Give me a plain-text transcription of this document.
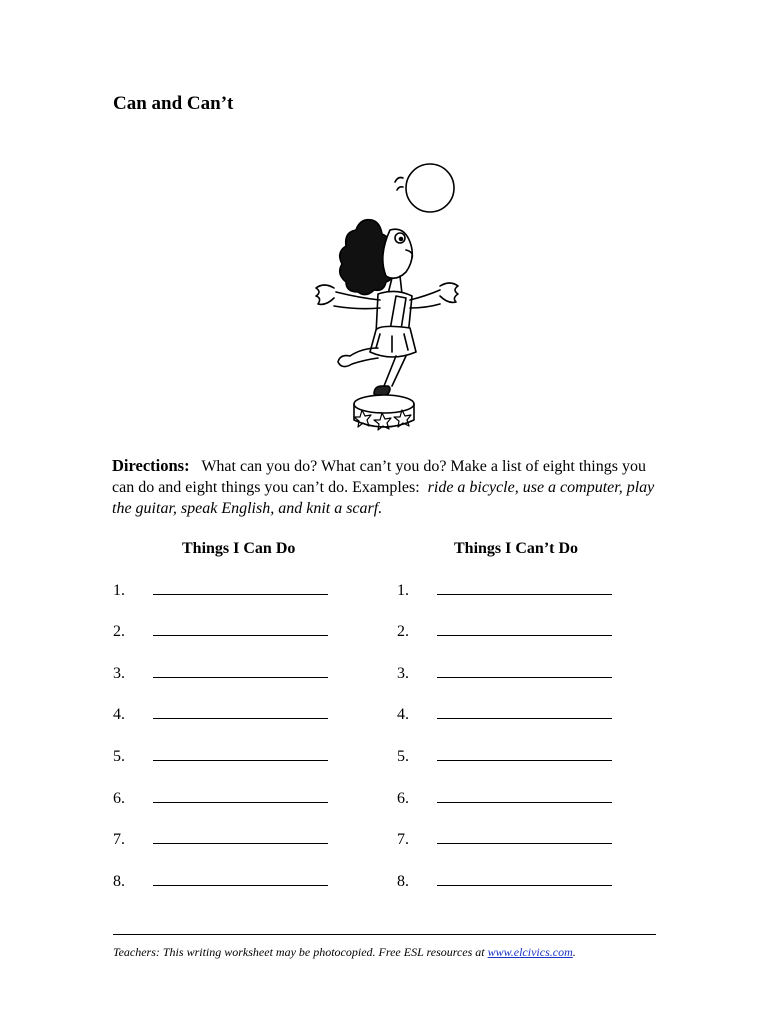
Can and Can’t

Directions: What can you do? What can’t you do? Make a list of eight things you can do and eight things you can’t do. Examples: ride a bicycle, use a computer, play the guitar, speak English, and knit a scarf.

Things I Can Do	Things I Can’t Do
1.
2.
3.
4.
5.
6.
7.
8.
1.
2.
3.
4.
5.
6.
7.
8.
Teachers: This writing worksheet may be photocopied. Free ESL resources at www.elcivics.com.
